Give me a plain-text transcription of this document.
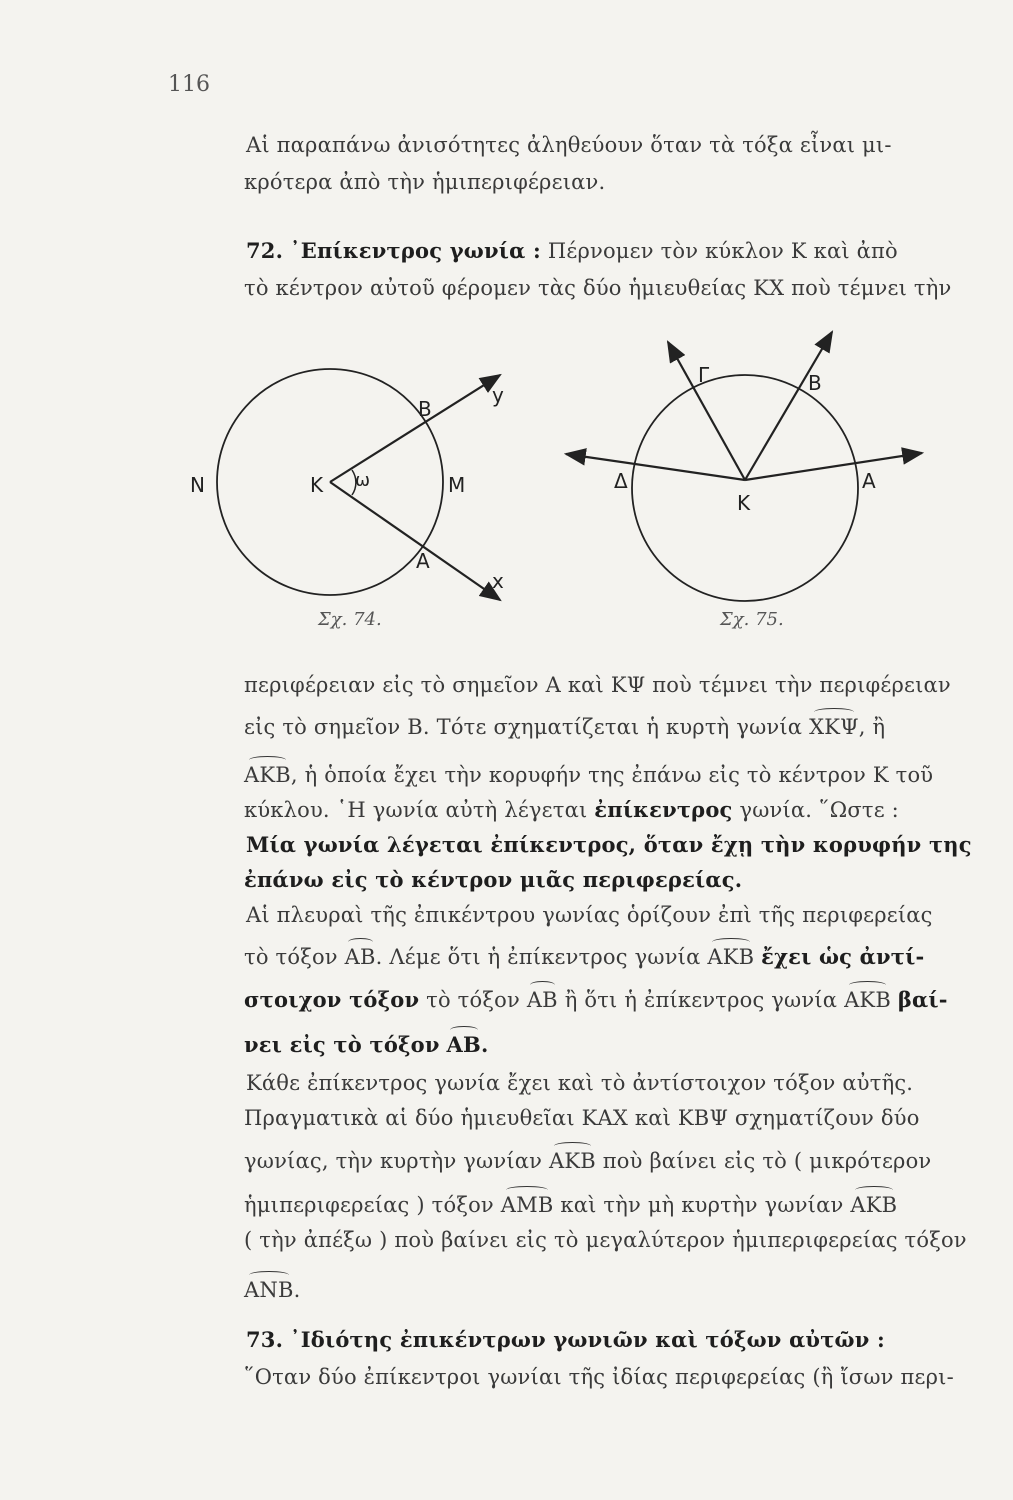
116
Αἱ παραπάνω ἀνισότητες ἀληθεύουν ὅταν τὰ τόξα εἶναι μι-
κρότερα ἀπὸ τὴν ἡμιπεριφέρειαν.
72. ᾿Επίκεντρος γωνία : Πέρνομεν τὸν κύκλον Κ καὶ ἀπὸ
τὸ κέντρον αὐτοῦ φέρομεν τὰς δύο ἡμιευθείας ΚΧ ποὺ τέμνει τὴν
N	K ω	M
B
A
y
x
Σχ. 74.
Γ	B
Δ
K
A
Σχ. 75.
περιφέρειαν εἰς τὸ σημεῖον Α καὶ ΚΨ ποὺ τέμνει τὴν περιφέρειαν
εἰς τὸ σημεῖον Β. Τότε σχηματίζεται ἡ κυρτὴ γωνία ΧΚΨ, ἢ
ΑΚΒ, ἡ ὁποία ἔχει τὴν κορυφήν της ἐπάνω εἰς τὸ κέντρον Κ τοῦ
κύκλου. ῾Η γωνία αὐτὴ λέγεται ἐπίκεντρος γωνία. ῞Ωστε :
Μία γωνία λέγεται ἐπίκεντρος, ὅταν ἔχῃ τὴν κορυφήν της
ἐπάνω εἰς τὸ κέντρον μιᾶς περιφερείας.
Αἱ πλευραὶ τῆς ἐπικέντρου γωνίας ὁρίζουν ἐπὶ τῆς περιφερείας
τὸ τόξον ΑΒ. Λέμε ὅτι ἡ ἐπίκεντρος γωνία ΑΚΒ ἔχει ὡς ἀντί-
στοιχον τόξον τὸ τόξον ΑΒ ἢ ὅτι ἡ ἐπίκεντρος γωνία ΑΚΒ βαί-
νει εἰς τὸ τόξον ΑΒ.
Κάθε ἐπίκεντρος γωνία ἔχει καὶ τὸ ἀντίστοιχον τόξον αὐτῆς.
Πραγματικὰ αἱ δύο ἡμιευθεῖαι ΚΑΧ καὶ ΚΒΨ σχηματίζουν δύο
γωνίας, τὴν κυρτὴν γωνίαν ΑΚΒ ποὺ βαίνει εἰς τὸ ( μικρότερον
ἡμιπεριφερείας ) τόξον ΑΜΒ καὶ τὴν μὴ κυρτὴν γωνίαν ΑΚΒ
( τὴν ἀπέξω ) ποὺ βαίνει εἰς τὸ μεγαλύτερον ἡμιπεριφερείας τόξον
ΑΝΒ.
73. ᾿Ιδιότης ἐπικέντρων γωνιῶν καὶ τόξων αὐτῶν :
῞Οταν δύο ἐπίκεντροι γωνίαι τῆς ἰδίας περιφερείας (ἢ ἴσων περι-
